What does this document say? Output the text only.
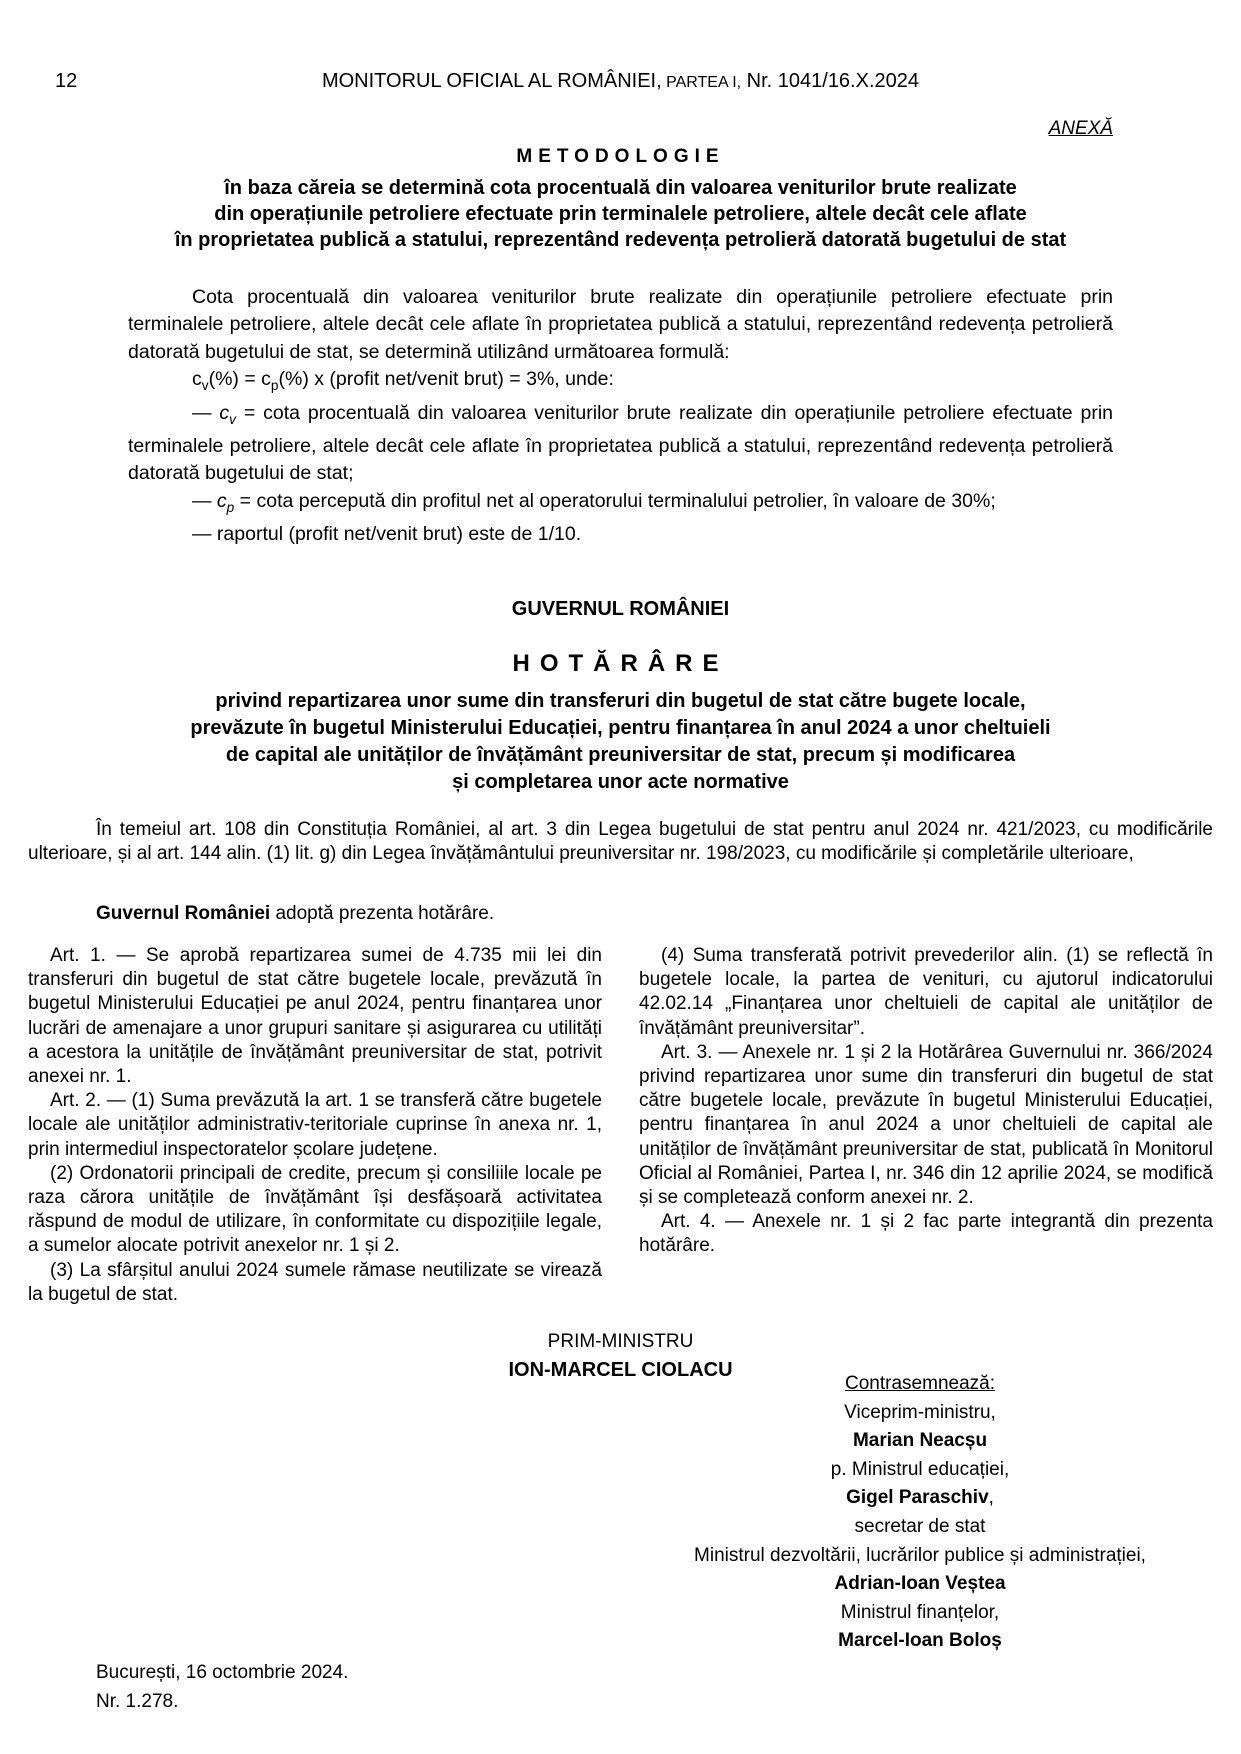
12	MONITORUL OFICIAL AL ROMÂNIEI, PARTEA I, Nr. 1041/16.X.2024
ANEXĂ

METODOLOGIE

în baza căreia se determină cota procentuală din valoarea veniturilor brute realizate

din operațiunile petroliere efectuate prin terminalele petroliere, altele decât cele aflate

în proprietatea publică a statului, reprezentând redevența petrolieră datorată bugetului de stat

Cota procentuală din valoarea veniturilor brute realizate din operațiunile petroliere efectuate prin terminalele petroliere, altele decât cele aflate în proprietatea publică a statului, reprezentând redevența petrolieră datorată bugetului de stat, se determină utilizând următoarea formulă:

$c_v(\%) = c_p(\%)$ x (profit net/venit brut) = 3%, unde:

— $c_v = \cot a$ procentuală din valoarea veniturilor brute realizate din operațiunile petroliere efectuate prin terminalele petroliere, altele decât cele aflate în proprietatea publică a statului, reprezentând redevența petrolieră datorată bugetului de stat;

— $c_p = \cot a$ percepută din profitul net al operatorului terminalului petrolier, în valoare de 30%;

— raportul (profit net/venit brut) este de 1/10.

GUVERNUL ROMÂNIEI
HOTĂRÂRE
privind repartizarea unor sume din transferuri din bugetul de stat către bugete locale,
prevăzute în bugetul Ministerului Educației, pentru finanțarea în anul 2024 a unor cheltuieli
de capital ale unităților de învățământ preuniversitar de stat, precum și modificarea
și completarea unor acte normative

În temeiul art. 108 din Constituția României, al art. 3 din Legea bugetului de stat pentru anul 2024 nr. 421/2023, cu modificările ulterioare, și al art. 144 alin. (1) lit. g) din Legea învățământului preuniversitar nr. 198/2023, cu modificările și completările ulterioare,

Guvernul României adoptă prezenta hotărâre.

Art. 1. — Se aprobă repartizarea sumei de 4.735 mii lei din transferuri din bugetul de stat către bugetele locale, prevăzută în bugetul Ministerului Educației pe anul 2024, pentru finanțarea unor lucrări de amenajare a unor grupuri sanitare și asigurarea cu utilități a acestora la unitățile de învățământ preuniversitar de stat, potrivit anexei nr. 1.

Art. 2. — (1) Suma prevăzută la art. 1 se transferă către bugetele locale ale unităților administrativ-teritoriale cuprinse în anexa nr. 1, prin intermediul inspectoratelor școlare județene.

(2) Ordonatorii principali de credite, precum și consiliile locale pe raza cărora unitățile de învățământ își desfășoară activitatea răspund de modul de utilizare, în conformitate cu dispozițiile legale, a sumelor alocate potrivit anexelor nr. 1 și 2.

(3) La sfârșitul anului 2024 sumele rămase neutilizate se virează la bugetul de stat.

(4) Suma transferată potrivit prevederilor alin. (1) se reflectă în bugetele locale, la partea de venituri, cu ajutorul indicatorului 42.02.14 „Finanțarea unor cheltuieli de capital ale unităților de învățământ preuniversitar”.

Art. 3. — Anexele nr. 1 și 2 la Hotărârea Guvernului nr. 366/2024 privind repartizarea unor sume din transferuri din bugetul de stat către bugetele locale, prevăzute în bugetul Ministerului Educației, pentru finanțarea în anul 2024 a unor cheltuieli de capital ale unităților de învățământ preuniversitar de stat, publicată în Monitorul Oficial al României, Partea I, nr. 346 din 12 aprilie 2024, se modifică și se completează conform anexei nr. 2.

Art. 4. — Anexele nr. 1 și 2 fac parte integrantă din prezenta hotărâre.

PRIM-MINISTRU
ION-MARCEL CIOLACU
Contrasemnează:
Viceprim-ministru,
Marian Neacșu
p. Ministrul educației,
Gigel Paraschiv,
secretar de stat
Ministrul dezvoltării, lucrărilor publice și administrației,
Adrian-Ioan Veștea
Ministrul finanțelor,
Marcel-Ioan Boloș
București, 16 octombrie 2024.
Nr. 1.278.
